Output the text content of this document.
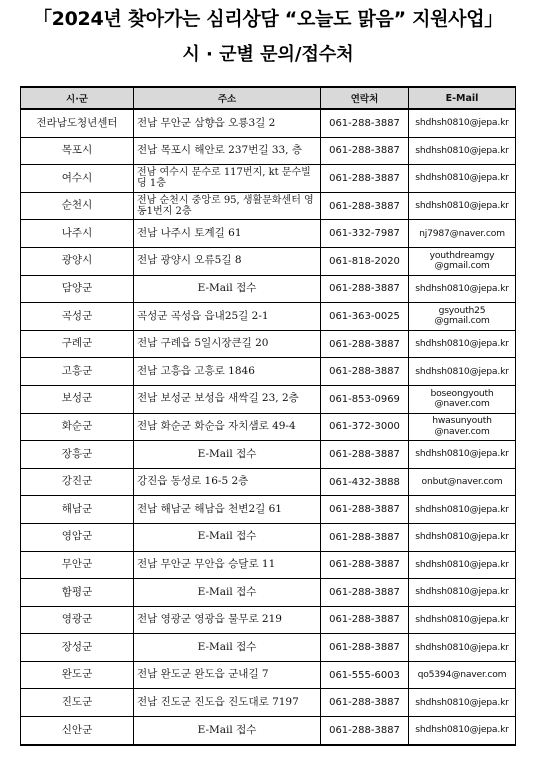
「2024년 찾아가는 심리상담 “오늘도 맑음” 지원사업」
시 · 군별 문의/접수처
시·군	주소	연락처	E-Mail
전라남도청년센터	전남 무안군 삼향읍 오룡3길 2	061-288-3887	shdhsh0810@jepa.kr
목포시	전남 목포시 해안로 237번길 33, 층	061-288-3887	shdhsh0810@jepa.kr
여수시	전남 여수시 문수로 117번지, kt 문수빌딩 1층	061-288-3887	shdhsh0810@jepa.kr
순천시	전남 순천시 중앙로 95, 생활문화센터 영동1번지 2층	061-288-3887	shdhsh0810@jepa.kr
나주시	전남 나주시 토계길 61	061-332-7987	nj7987@naver.com
광양시	전남 광양시 오류5길 8	061-818-2020	youthdreamgy @gmail.com
담양군	E-Mail 접수	061-288-3887	shdhsh0810@jepa.kr
곡성군	곡성군 곡성읍 읍내25길 2-1	061-363-0025	gsyouth25 @gmail.com
구례군	전남 구례읍 5일시장큰길 20	061-288-3887	shdhsh0810@jepa.kr
고흥군	전남 고흥읍 고흥로 1846	061-288-3887	shdhsh0810@jepa.kr
보성군	전남 보성군 보성읍 새싹길 23, 2층	061-853-0969	boseongyouth @naver.com
화순군	전남 화순군 화순읍 자치샘로 49-4	061-372-3000	hwasunyouth @naver.com
장흥군	E-Mail 접수	061-288-3887	shdhsh0810@jepa.kr
강진군	강진읍 동성로 16-5 2층	061-432-3888	onbut@naver.com
해남군	전남 해남군 해남읍 천변2길 61	061-288-3887	shdhsh0810@jepa.kr
영암군	E-Mail 접수	061-288-3887	shdhsh0810@jepa.kr
무안군	전남 무안군 무안읍 승달로 11	061-288-3887	shdhsh0810@jepa.kr
함평군	E-Mail 접수	061-288-3887	shdhsh0810@jepa.kr
영광군	전남 영광군 영광읍 물무로 219	061-288-3887	shdhsh0810@jepa.kr
장성군	E-Mail 접수	061-288-3887	shdhsh0810@jepa.kr
완도군	전남 완도군 완도읍 군내길 7	061-555-6003	qo5394@naver.com
진도군	전남 진도군 진도읍 진도대로 7197	061-288-3887	shdhsh0810@jepa.kr
신안군	E-Mail 접수	061-288-3887	shdhsh0810@jepa.kr
